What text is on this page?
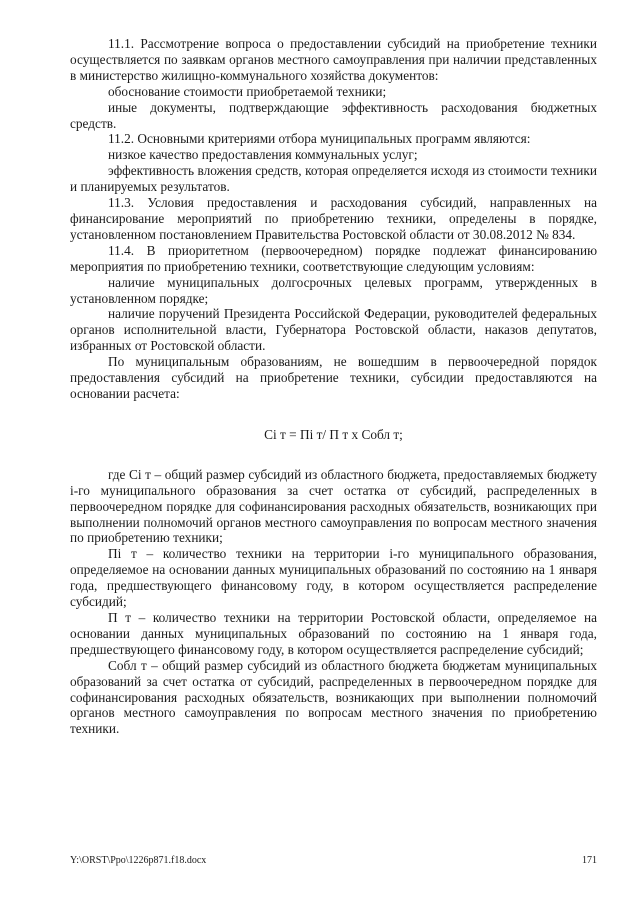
11.1. Рассмотрение вопроса о предоставлении субсидий на приобретение техники осуществляется по заявкам органов местного самоуправления при наличии представленных в министерство жилищно-коммунального хозяйства документов:

обоснование стоимости приобретаемой техники;

иные документы, подтверждающие эффективность расходования бюджетных средств.

11.2. Основными критериями отбора муниципальных программ являются:

низкое качество предоставления коммунальных услуг;

эффективность вложения средств, которая определяется исходя из стоимости техники и планируемых результатов.

11.3. Условия предоставления и расходования субсидий, направленных на финансирование мероприятий по приобретению техники, определены в порядке, установленном постановлением Правительства Ростовской области от 30.08.2012 № 834.

11.4. В приоритетном (первоочередном) порядке подлежат финансированию мероприятия по приобретению техники, соответствующие следующим условиям:

наличие муниципальных долгосрочных целевых программ, утвержденных в установленном порядке;

наличие поручений Президента Российской Федерации, руководителей федеральных органов исполнительной власти, Губернатора Ростовской области, наказов депутатов, избранных от Ростовской области.

По муниципальным образованиям, не вошедшим в первоочередной порядок предоставления субсидий на приобретение техники, субсидии предоставляются на основании расчета:

Ci т = Пi т/ П т х Собл т;

где Ci т – общий размер субсидий из областного бюджета, предоставляемых бюджету i-го муниципального образования за счет остатка от субсидий, распределенных в первоочередном порядке для софинансирования расходных обязательств, возникающих при выполнении полномочий органов местного самоуправления по вопросам местного значения по приобретению техники;

Пi т – количество техники на территории i-го муниципального образования, определяемое на основании данных муниципальных образований по состоянию на 1 января года, предшествующего финансовому году, в котором осуществляется распределение субсидий;

П т – количество техники на территории Ростовской области, определяемое на основании данных муниципальных образований по состоянию на 1 января года, предшествующего финансовому году, в котором осуществляется распределение субсидий;

Собл т – общий размер субсидий из областного бюджета бюджетам муниципальных образований за счет остатка от субсидий, распределенных в первоочередном порядке для софинансирования расходных обязательств, возникающих при выполнении полномочий органов местного самоуправления по вопросам местного значения по приобретению техники.

Y:\ORST\Ppo\1226p871.f18.docx	171
